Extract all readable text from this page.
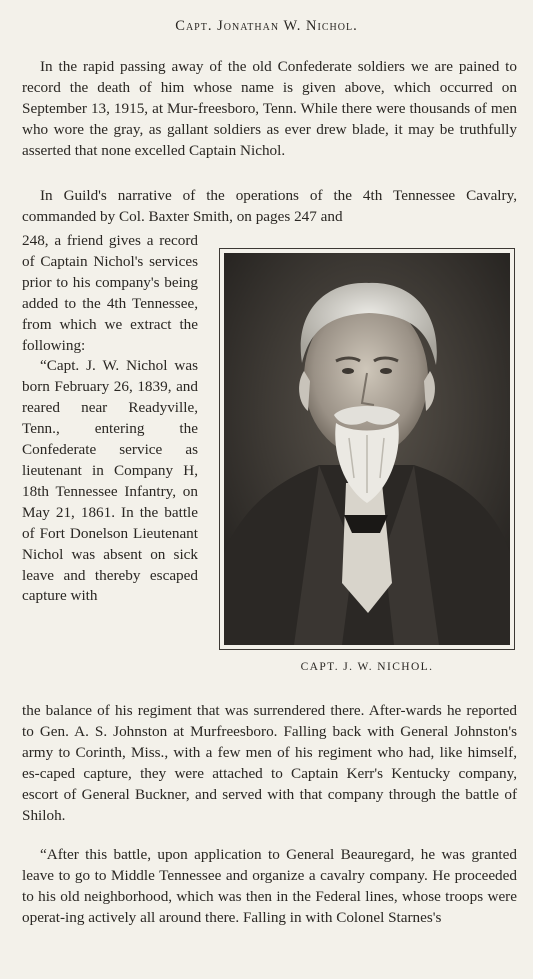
Capt. Jonathan W. Nichol.

In the rapid passing away of the old Confederate soldiers we are pained to record the death of him whose name is given above, which occurred on September 13, 1915, at Mur-freesboro, Tenn. While there were thousands of men who wore the gray, as gallant soldiers as ever drew blade, it may be truthfully asserted that none excelled Captain Nichol.

In Guild's narrative of the operations of the 4th Tennessee Cavalry, commanded by Col. Baxter Smith, on pages 247 and

248, a friend gives a record of Captain Nichol's services prior to his company's being added to the 4th Tennessee, from which we extract the following:

“Capt. J. W. Nichol was born February 26, 1839, and reared near Readyville, Tenn., entering the Confederate service as lieutenant in Company H, 18th Tennessee Infantry, on May 21, 1861. In the battle of Fort Donelson Lieutenant Nichol was absent on sick leave and thereby escaped capture with

CAPT. J. W. NICHOL.

the balance of his regiment that was surrendered there. After-wards he reported to Gen. A. S. Johnston at Murfreesboro. Falling back with General Johnston's army to Corinth, Miss., with a few men of his regiment who had, like himself, es-caped capture, they were attached to Captain Kerr's Kentucky company, escort of General Buckner, and served with that company through the battle of Shiloh.

“After this battle, upon application to General Beauregard, he was granted leave to go to Middle Tennessee and organize a cavalry company. He proceeded to his old neighborhood, which was then in the Federal lines, whose troops were operat-ing actively all around there. Falling in with Colonel Starnes's
